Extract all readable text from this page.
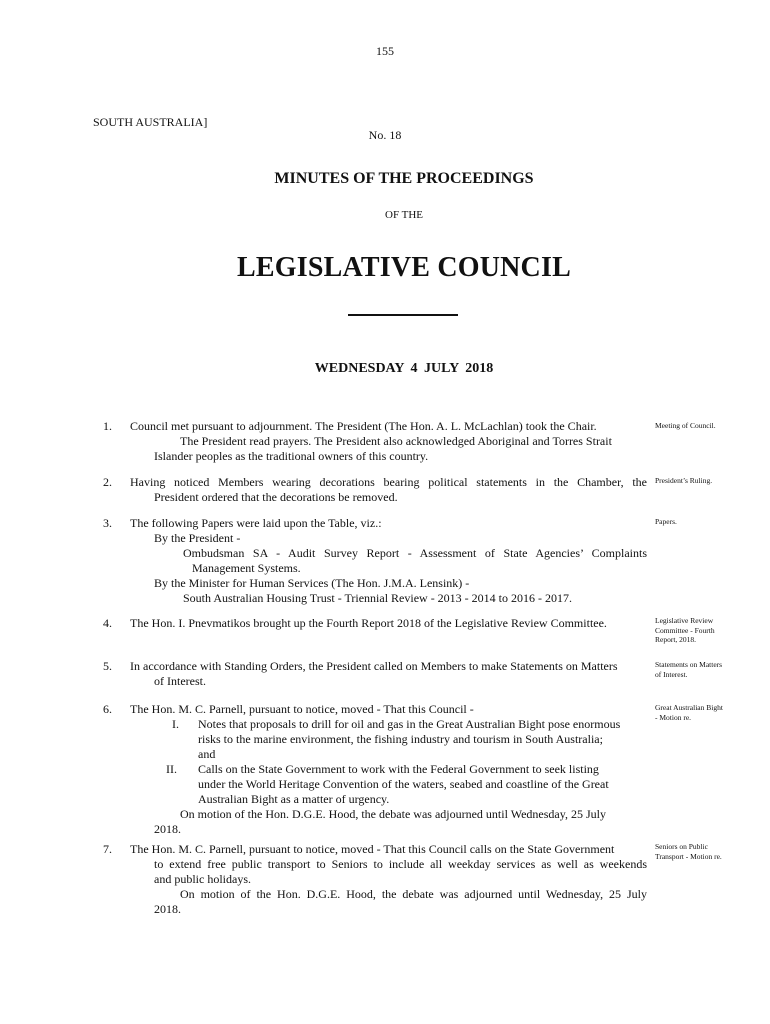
155
SOUTH AUSTRALIA]
No. 18
MINUTES OF THE PROCEEDINGS
OF THE
LEGISLATIVE COUNCIL
WEDNESDAY 4 JULY 2018
1. Council met pursuant to adjournment. The President (The Hon. A. L. McLachlan) took the Chair.
The President read prayers. The President also acknowledged Aboriginal and Torres Strait
Islander peoples as the traditional owners of this country.
Meeting of Council.
2. Having noticed Members wearing decorations bearing political statements in the Chamber, the
President ordered that the decorations be removed.
President’s Ruling.
3. The following Papers were laid upon the Table, viz.:
By the President -
Ombudsman SA - Audit Survey Report - Assessment of State Agencies’ Complaints
Management Systems.
By the Minister for Human Services (The Hon. J.M.A. Lensink) -
South Australian Housing Trust - Triennial Review - 2013 - 2014 to 2016 - 2017.
Papers.
4. The Hon. I. Pnevmatikos brought up the Fourth Report 2018 of the Legislative Review Committee.	Legislative Review Committee - Fourth Report, 2018.
5. In accordance with Standing Orders, the President called on Members to make Statements on Matters
of Interest.
Statements on Matters of Interest.
6. The Hon. M. C. Parnell, pursuant to notice, moved - That this Council -
I. Notes that proposals to drill for oil and gas in the Great Australian Bight pose enormous
risks to the marine environment, the fishing industry and tourism in South Australia;
and
II. Calls on the State Government to work with the Federal Government to seek listing
under the World Heritage Convention of the waters, seabed and coastline of the Great
Australian Bight as a matter of urgency.
On motion of the Hon. D.G.E. Hood, the debate was adjourned until Wednesday, 25 July
2018.
Great Australian Bight - Motion re.
7. The Hon. M. C. Parnell, pursuant to notice, moved - That this Council calls on the State Government
to extend free public transport to Seniors to include all weekday services as well as weekends
and public holidays.
On motion of the Hon. D.G.E. Hood, the debate was adjourned until Wednesday, 25 July
2018.
Seniors on Public Transport - Motion re.
